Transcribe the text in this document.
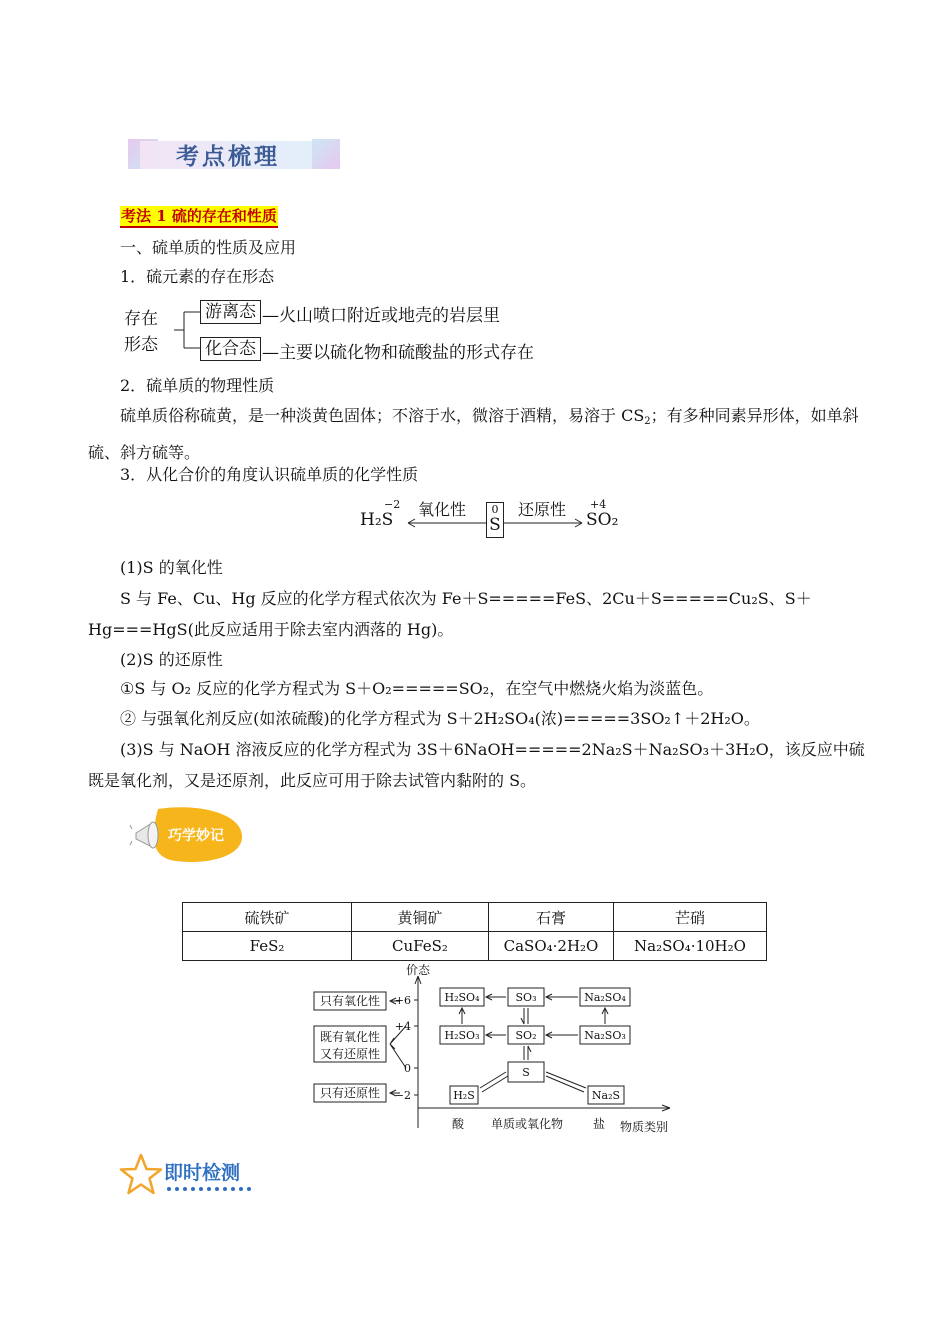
考点梳理
考法 1 硫的存在和性质
一、硫单质的性质及应用
1．硫元素的存在形态
存在
形态
游离态 —火山喷口附近或地壳的岩层里
化合态 —主要以硫化物和硫酸盐的形式存在
2．硫单质的物理性质
硫单质俗称硫黄，是一种淡黄色固体；不溶于水，微溶于酒精，易溶于 $CS_2$；有多种同素异形体，如单斜硫、斜方硫等。
3．从化合价的角度认识硫单质的化学性质
H₂S
−2 氧化性	0
S
还原性 +4
SO₂
(1)S 的氧化性
S 与 Fe、Cu、Hg 反应的化学方程式依次为 Fe＋S=====FeS、2Cu＋S=====Cu₂S、S＋Hg===HgS(此反应适用于除去室内洒落的 Hg)。
(2)S 的还原性
①S 与 O₂ 反应的化学方程式为 S＋O₂=====SO₂，在空气中燃烧火焰为淡蓝色。
② 与强氧化剂反应(如浓硫酸)的化学方程式为 S＋2H₂SO₄(浓)=====3SO₂↑＋2H₂O。
(3)S 与 NaOH 溶液反应的化学方程式为 3S＋6NaOH=====2Na₂S＋Na₂SO₃＋3H₂O，该反应中硫既是氧化剂，又是还原剂，此反应可用于除去试管内黏附的 S。
巧学妙记
硫铁矿	黄铜矿	石膏	芒硝
FeS₂	CuFeS₂	CaSO₄·2H₂O	Na₂SO₄·10H₂O
H₂SO₄	SO₃	Na₂SO₄
H₂SO₃	SO₂	Na₂SO₃
S
H₂S	Na₂S
只有氧化性
既有氧化性
又有还原性
只有还原性
价态
物质类别
酸 单质或氧化物 盐
+6
+4
0
−2
即时检测
